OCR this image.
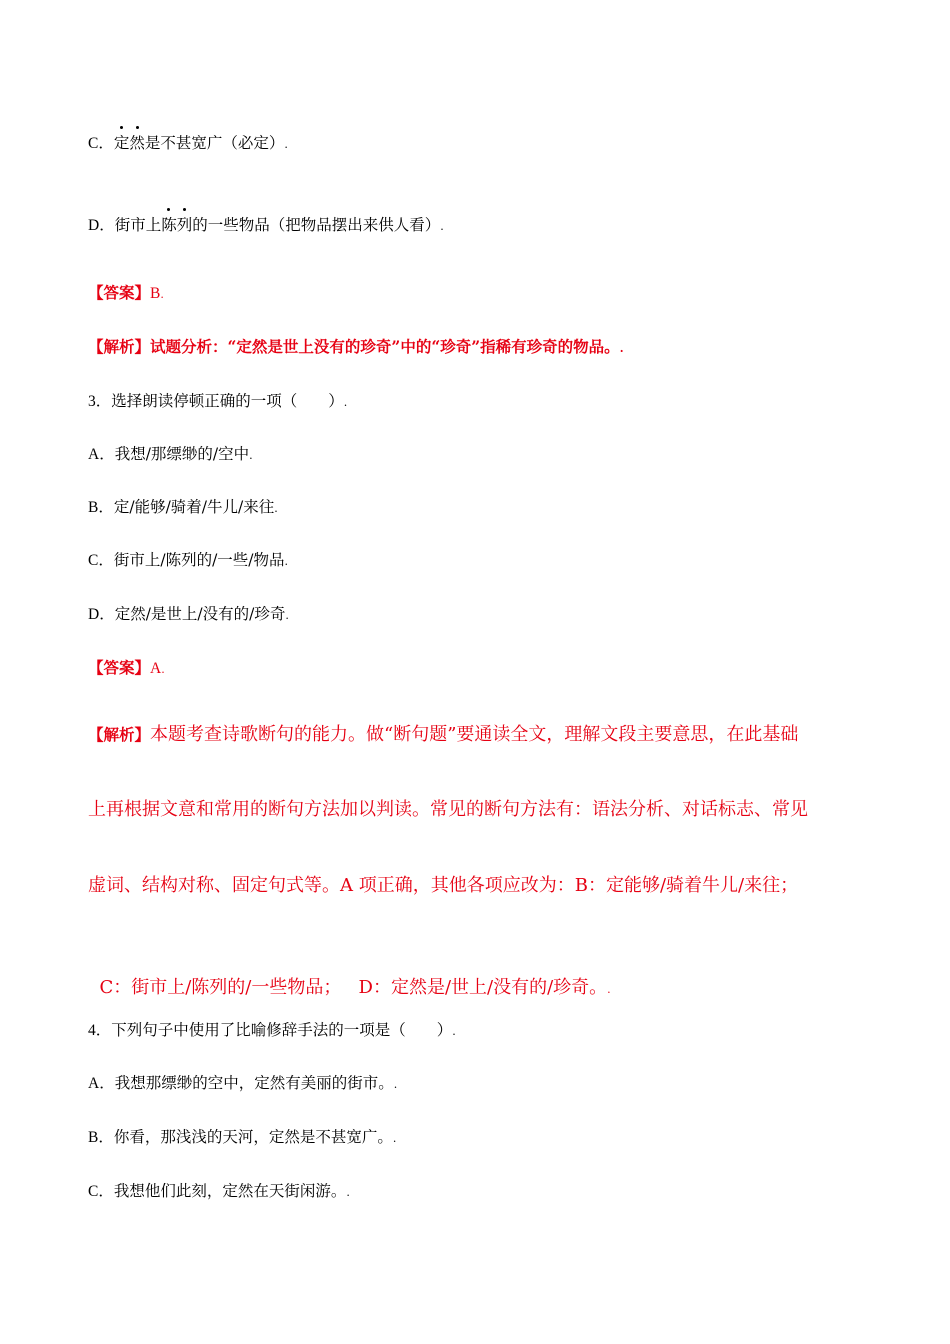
C．定然是不甚宽广（必定）.
D．街市上陈列的一些物品（把物品摆出来供人看）.
【答案】B.
【解析】试题分析：“定然是世上没有的珍奇”中的“珍奇”指稀有珍奇的物品。.
3．选择朗读停顿正确的一项（　　）.
A．我想/那缥缈的/空中.
B．定/能够/骑着/牛儿/来往.
C．街市上/陈列的/一些/物品.
D．定然/是世上/没有的/珍奇.
【答案】A.
【解析】本题考查诗歌断句的能力。做“断句题”要通读全文，理解文段主要意思，在此基础
上再根据文意和常用的断句方法加以判读。常见的断句方法有：语法分析、对话标志、常见
虚词、结构对称、固定句式等。A 项正确，其他各项应改为：B：定能够/骑着牛儿/来往；

C：街市上/陈列的/一些物品；   D：定然是/世上/没有的/珍奇。.

4．下列句子中使用了比喻修辞手法的一项是（　　）.
A．我想那缥缈的空中，定然有美丽的街市。.
B．你看，那浅浅的天河，定然是不甚宽广。.
C．我想他们此刻，定然在天街闲游。.
